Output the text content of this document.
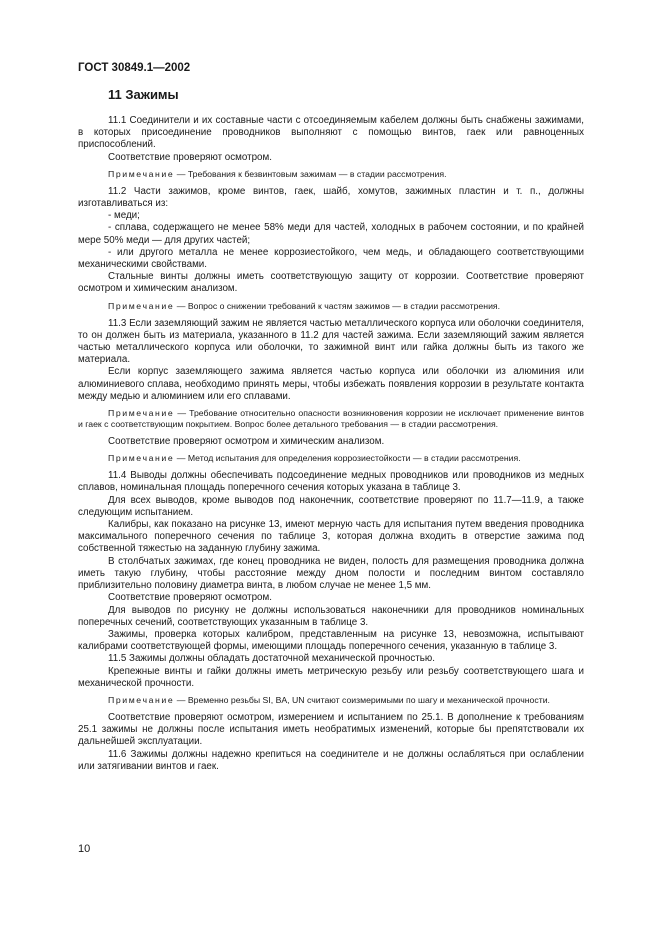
ГОСТ 30849.1—2002
11 Зажимы

11.1 Соединители и их составные части с отсоединяемым кабелем должны быть снабжены зажимами, в которых присоединение проводников выполняют с помощью винтов, гаек или равноценных приспособлений.

Соответствие проверяют осмотром.

Примечание — Требования к безвинтовым зажимам — в стадии рассмотрения.

11.2 Части зажимов, кроме винтов, гаек, шайб, хомутов, зажимных пластин и т. п., должны изготавливаться из:

- меди;

- сплава, содержащего не менее 58% меди для частей, холодных в рабочем состоянии, и по крайней мере 50% меди — для других частей;

- или другого металла не менее коррозиестойкого, чем медь, и обладающего соответствующими механическими свойствами.

Стальные винты должны иметь соответствующую защиту от коррозии. Соответствие проверяют осмотром и химическим анализом.

Примечание — Вопрос о снижении требований к частям зажимов — в стадии рассмотрения.

11.3 Если заземляющий зажим не является частью металлического корпуса или оболочки соединителя, то он должен быть из материала, указанного в 11.2 для частей зажима. Если заземляющий зажим является частью металлического корпуса или оболочки, то зажимной винт или гайка должны быть из такого же материала.

Если корпус заземляющего зажима является частью корпуса или оболочки из алюминия или алюминиевого сплава, необходимо принять меры, чтобы избежать появления коррозии в результате контакта между медью и алюминием или его сплавами.

Примечание — Требование относительно опасности возникновения коррозии не исключает применение винтов и гаек с соответствующим покрытием. Вопрос более детального требования — в стадии рассмотрения.

Соответствие проверяют осмотром и химическим анализом.

Примечание — Метод испытания для определения коррозиестойкости — в стадии рассмотрения.

11.4 Выводы должны обеспечивать подсоединение медных проводников или проводников из медных сплавов, номинальная площадь поперечного сечения которых указана в таблице 3.

Для всех выводов, кроме выводов под наконечник, соответствие проверяют по 11.7—11.9, а также следующим испытанием.

Калибры, как показано на рисунке 13, имеют мерную часть для испытания путем введения проводника максимального поперечного сечения по таблице 3, которая должна входить в отверстие зажима под собственной тяжестью на заданную глубину зажима.

В столбчатых зажимах, где конец проводника не виден, полость для размещения проводника должна иметь такую глубину, чтобы расстояние между дном полости и последним винтом составляло приблизительно половину диаметра винта, в любом случае не менее 1,5 мм.

Соответствие проверяют осмотром.

Для выводов по рисунку не должны использоваться наконечники для проводников номинальных поперечных сечений, соответствующих указанным в таблице 3.

Зажимы, проверка которых калибром, представленным на рисунке 13, невозможна, испытывают калибрами соответствующей формы, имеющими площадь поперечного сечения, указанную в таблице 3.

11.5 Зажимы должны обладать достаточной механической прочностью.

Крепежные винты и гайки должны иметь метрическую резьбу или резьбу соответствующего шага и механической прочности.

Примечание — Временно резьбы SI, BA, UN считают соизмеримыми по шагу и механической прочности.

Соответствие проверяют осмотром, измерением и испытанием по 25.1. В дополнение к требованиям 25.1 зажимы не должны после испытания иметь необратимых изменений, которые бы препятствовали их дальнейшей эксплуатации.

11.6 Зажимы должны надежно крепиться на соединителе и не должны ослабляться при ослаблении или затягивании винтов и гаек.

10
